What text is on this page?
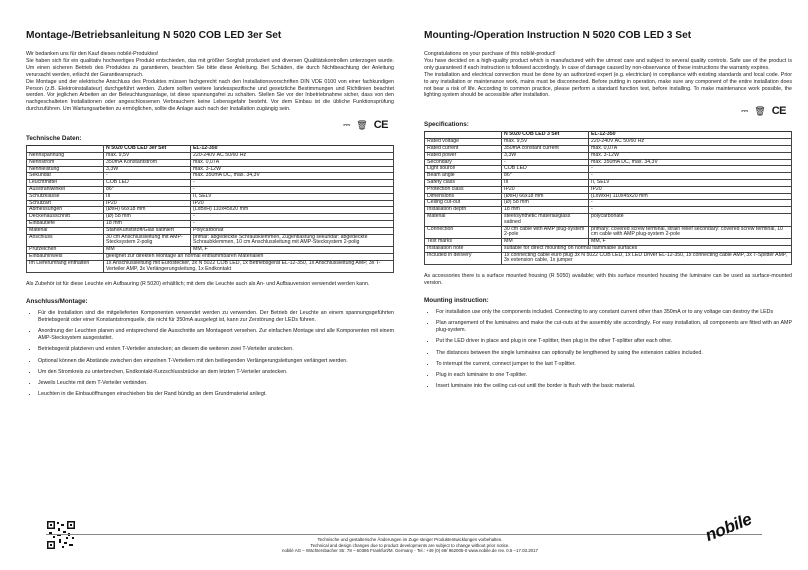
Montage-/Betriebsanleitung N 5020 COB LED 3er Set

Wir bedanken uns für den Kauf dieses nobilé-Produktes!

Sie haben sich für ein qualitativ hochwertiges Produkt entschieden, das mit größter Sorgfalt produziert und diversen Qualitätskontrollen unterzogen wurde. Um einen sicheren Betrieb des Produktes zu garantieren, beachten Sie bitte diese Anleitung. Bei Schäden, die durch Nichtbeachtung der Anleitung verursacht werden, erlischt der Garantieanspruch.

Die Montage und der elektrische Anschluss des Produktes müssen fachgerecht nach den Installationsvorschriften DIN VDE 0100 von einer fachkundigen Person (z.B. Elektroinstallateur) durchgeführt werden. Zudem sollten weitere landesspezifische und gesetzliche Bestimmungen und Richtlinien beachtet werden. Vor jeglichen Arbeiten an der Beleuchtungsanlage, ist diese spannungsfrei zu schalten. Stellen Sie vor der Inbetriebnahme sicher, dass von den nachgeschalteten Installationen oder angeschlossenen Verbrauchern keine Lebensgefahr besteht. Vor dem Einbau ist die übliche Funktionsprüfung durchzuführen. Um Wartungsarbeiten zu ermöglichen, sollte die Anlage auch nach der Installation zugängig sein.

⎓ 🗑 CE
Technische Daten:
	N 5020 COB LED 3er Set	EL-12-350
Nennspannung	max. 9,5V	220-240V AC 50/60 Hz
Nennstrom	350mA Konstantstrom	max. 0,07A
Nennleistung	3,3W	max. 3-12W
Sekundär	-	max. 350mA DC, max. 34,3V
Leuchtmittel	COB LED	-
Ausstrahlwinkel	86°	-
Schutzklasse	III	II, SELV
Schutzart	IP20	IP20
Abmessungen	(ØxH) 66x18 mm	(LxBxH) 110x45x20 mm
Deckenausschnitt	(Ø) 58 mm	-
Einbautiefe	18 mm	-
Material	Stahl/Kunststoff/Glas satiniert	Polycarbonat
Anschluss	30 cm Anschlussleitung mit AMP-Stecksystem 2-polig	primär: abgedeckte Schraubklemmen, Zugentlastung sekundär: abgedeckte Schraubklemmen, 10 cm Anschlussleitung mit AMP-Stecksystem 2-polig
Prüfzeichen	MM	MM, F
Einbauhinweis	geeignet zur direkten Montage an normal entflammbaren Materialien	
Im Lieferumfang enthalten	1x Anschlussleitung mit Eurostecker, 3x N 5022 COB LED, 1x Betriebsgerät EL-12-350, 1x Anschlussleitung AMP, 3x T-Verteiler AMP, 3x Verlängerungsleitung, 1x Endkontakt	

Als Zubehör ist für diese Leuchte ein Aufbauring (R 5020) erhältlich; mit dem die Leuchte auch als An- und Aufbauversion verwendet werden kann.

Anschluss/Montage:
• Für die Installation sind die mitgelieferten Komponenten verwendet werden zu verwenden. Der Betrieb der Leuchte an einem spannungsgeführten Betriebsgerät oder einer Konstantstromquelle, die nicht für 350mA ausgelegt ist, kann zur Zerstörung der LEDs führen.
• Anordnung der Leuchten planen und entsprechend die Ausschnitte am Montageort versehen. Zur einfachen Montage sind alle Komponenten mit einem AMP-Stecksystem ausgestattet.
• Betriebsgerät platzieren und ersten T-Verteiler anstecken; an diesem die weiteren zwei T-Verteiler anstecken.
• Optional können die Abstände zwischen den einzelnen T-Verteilern mit den beiliegenden Verlängerungsleitungen verlängert werden.
• Um den Stromkreis zu unterbrechen, Endkontakt-Kurzschlussbrücke an dem letzten T-Verteiler anstecken.
• Jeweils Leuchte mit dem T-Verteiler verbinden.
• Leuchten in die Einbauöffnungen einschieben bis der Rand bündig an dem Grundmaterial anliegt.
Mounting-/Operation Instruction N 5020 COB LED 3 Set

Congratulations on your purchase of this nobilé-product!

You have decided on a high-quality product which is manufactured with the utmost care and subject to several quality controls. Safe use of the product is only guaranteed if each instruction is followed accordingly. In case of damage caused by non-observance of these instructions the warranty expires.

The installation and electrical connection must be done by an authorized expert (e.g. electrician) in compliance with existing standards and local code. Prior to any installation or maintenance work, mains must be disconnected. Before putting in operation, make sure any component of the entire installation does not bear a risk of life. According to common practice, please perform a standard function test, before installing. To make maintenance work possible, the lighting system should be accessible after installation.

⎓ 🗑 CE
Specifications:
	N 5020 COB LED 3 Set	EL-12-350
Rated voltage	max. 9,5V	220-240V AC 50/60 Hz
Rated current	350mA constant current	max. 0,07A
Rated power	3,3W	max. 3-12W
Secondary	-	max. 350mA DC, max. 34,3V
Light source	COB LED	-
Beam angle	86°	-
Safety class	III	II, SELV
Protection class	IP20	IP20
Dimensions	(ØxH) 66x18 mm	(LxWxH) 110x45x20 mm
Ceiling cut-out	(Ø) 58 mm	-
Installation depth	18 mm	-
Material	steel/synthetic material/glass satined	polycarbonate
Connection	30 cm cable with AMP plug-system 2-pole	primary: covered screw terminal, strain relief secondary: covered screw terminal, 10 cm cable with AMP plug-system 2-pole
Test marks	MM	MM, F
Installation note	suitable for direct mounting on normal flammable surfaces	
Included in delivery	1x connecting cable euro plug 3x N 5022 COB LED, 1x LED Driver EL-12-350, 1x connecting cable AMP, 3x T-Splitter AMP, 3x extension cable, 1x jumper	

As accessories there is a surface mounted housing (R 5050) available; with this surface mounted housing the luminaire can be used as surface-mounted version.

Mounting instruction:
• For installation use only the components included. Connecting to any constant current other than 350mA or to any voltage can destroy the LEDs
• Plan arrangement of the luminaires and make the cut-outs at the assembly site accordingly. For easy installation, all components are fitted with an AMP plug-system.
• Put the LED driver in place and plug in one T-splitter, then plug in the other T-splitter after each other.
• The distances between the single luminaires can optionally be lengthened by using the extension cables included.
• To interrupt the current, connect jumper to the last T-splitter.
• Plug in each luminaire to one T-splitter.
• Insert luminaire into the ceiling cut-out until the border is flush with the basic material.
Technische und gestalterische Änderungen im Zuge steiger Produktentwicklungen vorbehalten.
Technical and design changes due to product developments are subject to change without prior notice.
nobilé AG – Wächtersbacher Str. 78 – 60386 Frankfurt/M. Germany - Tel.: +49 (0) 69/ 962005-0 www.nobile.de rev. 0.5 –17.03.2017
nobile
